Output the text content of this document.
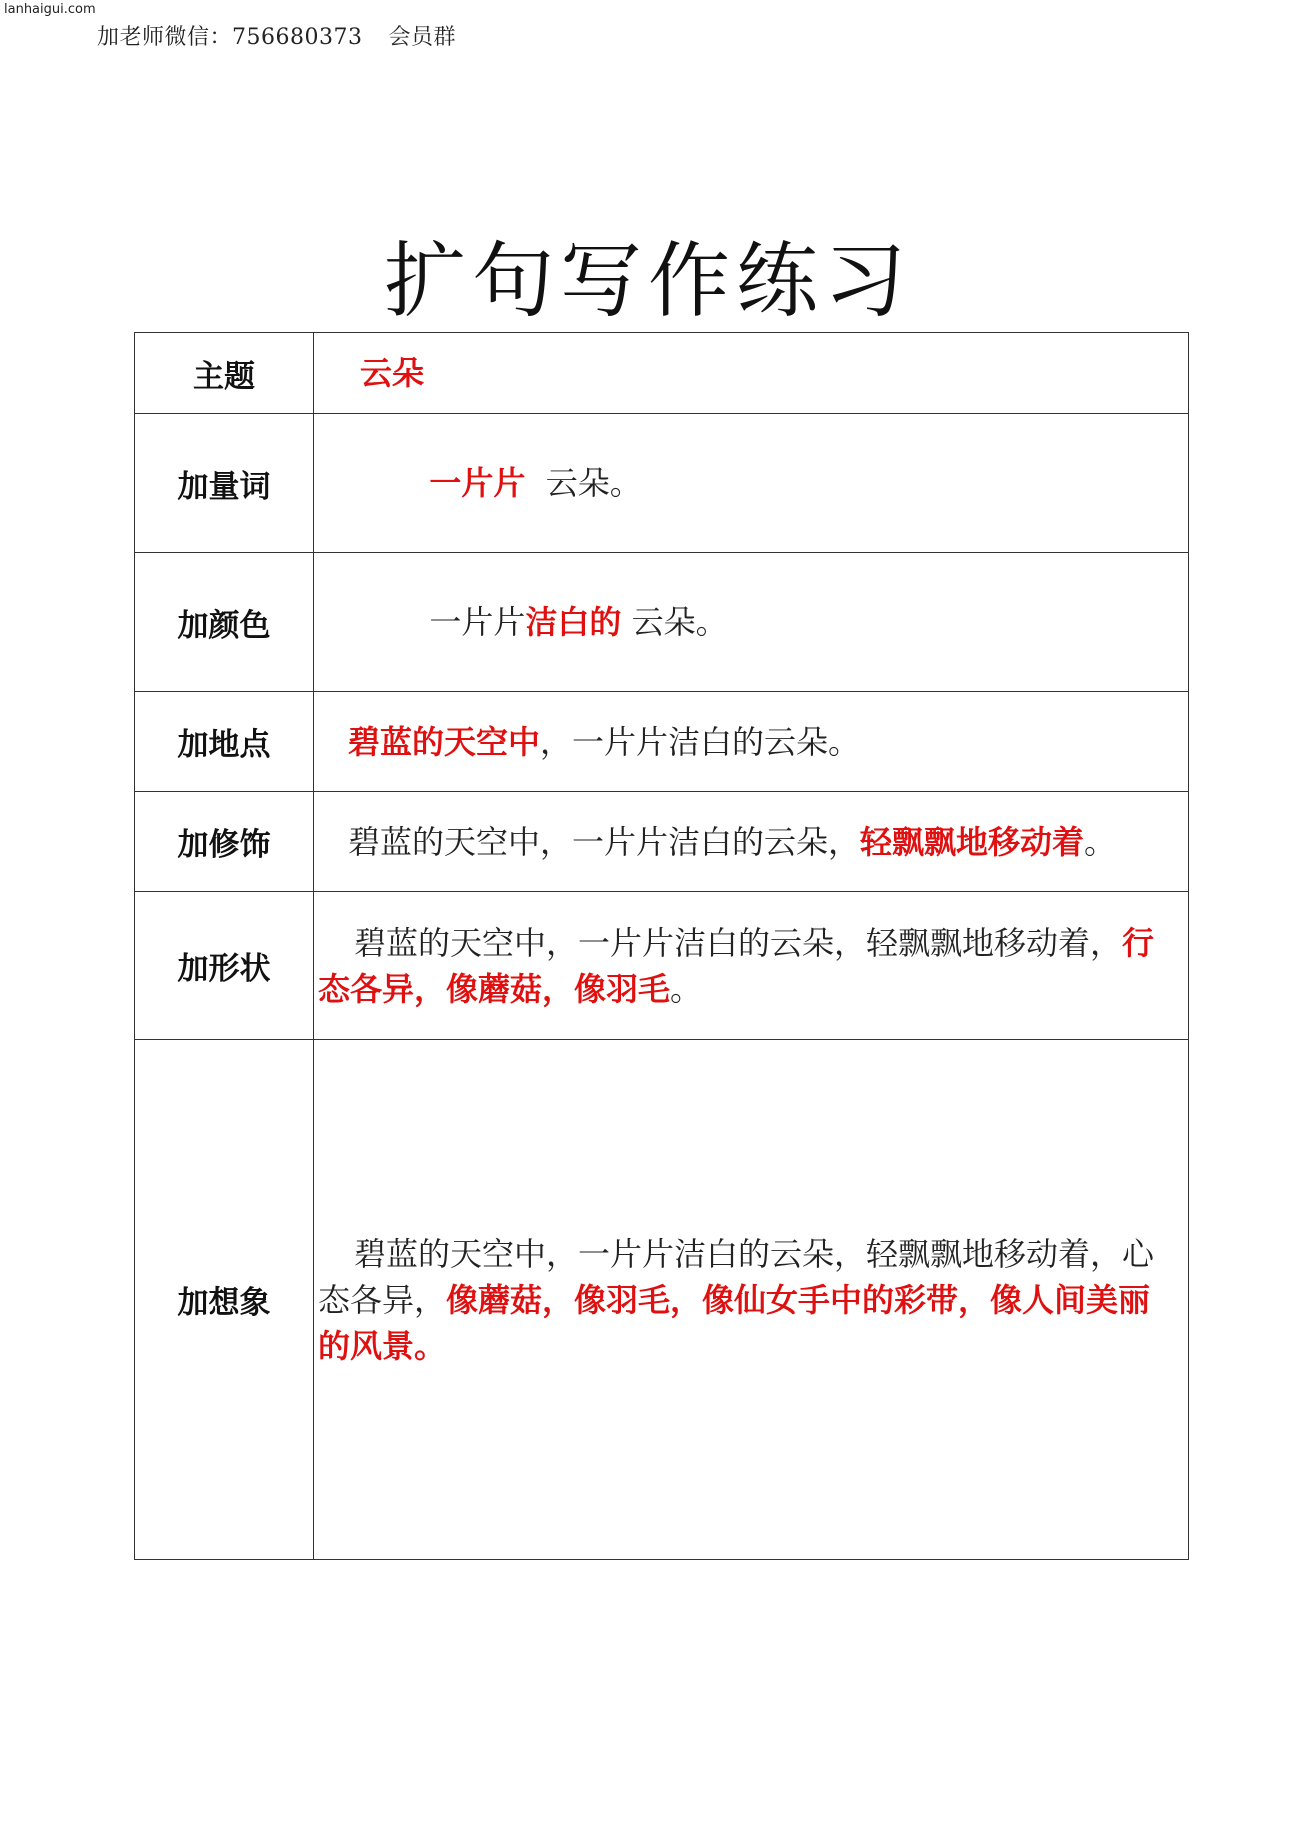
lanhaigui.com
加老师微信：756680373 会员群
扩句写作练习
主题	云朵

加量词	一片片  云朵。

加颜色	一片片洁白的 云朵。

加地点	碧蓝的天空中，一片片洁白的云朵。

加修饰	碧蓝的天空中，一片片洁白的云朵，轻飘飘地移动着。

加形状	碧蓝的天空中，一片片洁白的云朵，轻飘飘地移动着，行态各异，像蘑菇，像羽毛。

加想象	碧蓝的天空中，一片片洁白的云朵，轻飘飘地移动着，心态各异，像蘑菇，像羽毛，像仙女手中的彩带，像人间美丽的风景。
